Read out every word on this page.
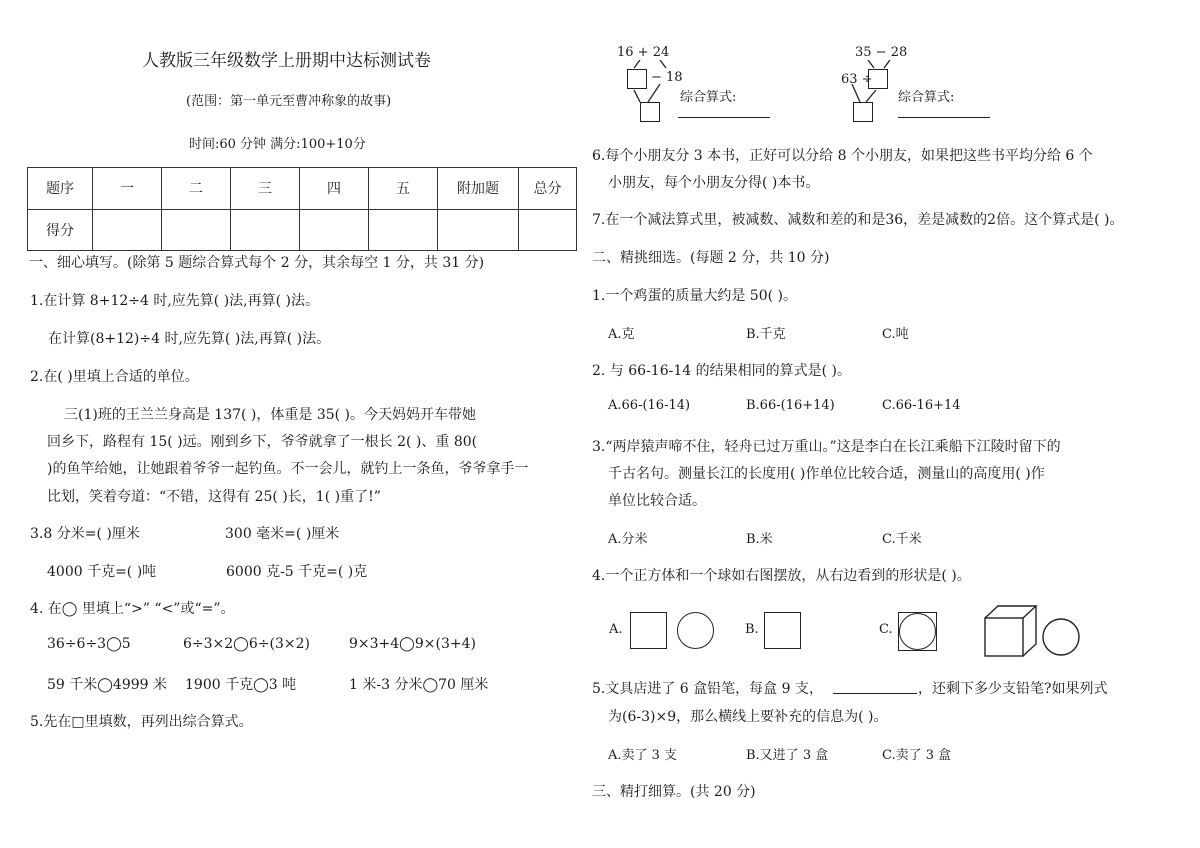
人教版三年级数学上册期中达标测试卷
(范围：第一单元至曹冲称象的故事)
时间:60 分钟 满分:100+10分
题序	一	二	三	四	五	附加题	总分
得分							
一、细心填写。(除第 5 题综合算式每个 2 分，其余每空 1 分，共 31 分)
1.在计算 8+12÷4 时,应先算( )法,再算( )法。
在计算(8+12)÷4 时,应先算( )法,再算( )法。
2.在( )里填上合适的单位。
三(1)班的王兰兰身高是 137( )，体重是 35( )。今天妈妈开车带她
回乡下，路程有 15( )远。刚到乡下，爷爷就拿了一根长 2( )、重 80(
)的鱼竿给她，让她跟着爷爷一起钓鱼。不一会儿，就钓上一条鱼，爷爷拿手一
比划，笑着夸道：“不错，这得有 25( )长，1( )重了!”
3.8 分米=( )厘米	300 毫米=( )厘米
4000 千克=( )吨	6000 克-5 千克=( )克
4. 在◯ 里填上“>” “<”或“=”。
36÷6÷3◯5	6÷3×2◯6÷(3×2)	9×3+4◯9×(3+4)
59 千米◯4999 米 1900 千克◯3 吨	1 米-3 分米◯70 厘米
5.先在□里填数，再列出综合算式。
16 + 24
− 18
综合算式:
35 − 28
63 ÷
综合算式:
6.每个小朋友分 3 本书，正好可以分给 8 个小朋友，如果把这些书平均分给 6 个
小朋友，每个小朋友分得( )本书。
7.在一个减法算式里，被减数、减数和差的和是36，差是减数的2倍。这个算式是( )。
二、精挑细选。(每题 2 分，共 10 分)
1.一个鸡蛋的质量大约是 50( )。
A.克	B.千克	C.吨
2. 与 66-16-14 的结果相同的算式是( )。
A.66-(16-14)	B.66-(16+14)	C.66-16+14
3.“两岸猿声啼不住，轻舟已过万重山。”这是李白在长江乘船下江陵时留下的
千古名句。测量长江的长度用( )作单位比较合适，测量山的高度用( )作
单位比较合适。
A.分米	B.米	C.千米
4.一个正方体和一个球如右图摆放，从右边看到的形状是( )。
A.	B.	C.
5.文具店进了 6 盒铅笔，每盒 9 支，	，还剩下多少支铅笔?如果列式
为(6-3)×9，那么横线上要补充的信息为( )。
A.卖了 3 支	B.又进了 3 盒	C.卖了 3 盒
三、精打细算。(共 20 分)
